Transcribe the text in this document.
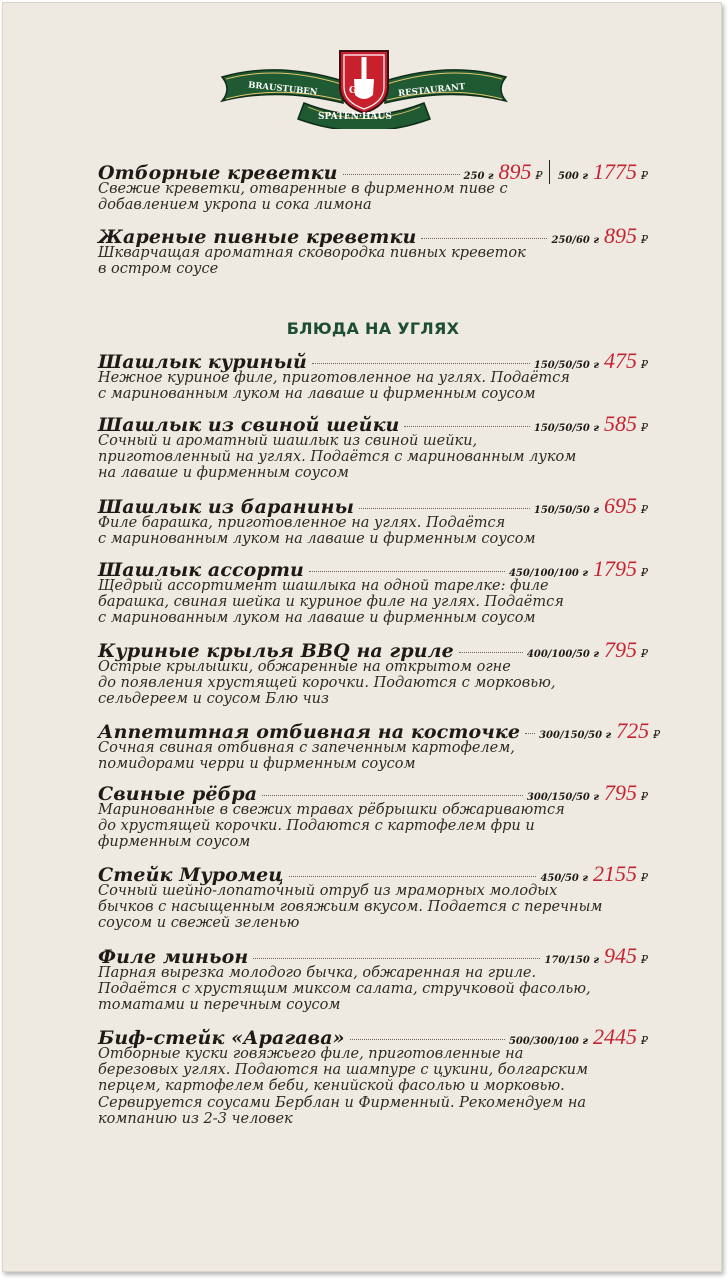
GS
BRAUSTUBEN	RESTAURANT
SPATEN·HAUS
Отборные креветки	250 г 895 ₽ 500 г 1775 ₽
Свежие креветки, отваренные в фирменном пиве с
добавлением укропа и сока лимона
Жареные пивные креветки	250/60 г 895 ₽
Шкварчащая ароматная сковородка пивных креветок
в остром соусе
БЛЮДА НА УГЛЯХ
Шашлык куриный	150/50/50 г 475 ₽
Нежное куриное филе, приготовленное на углях. Подаётся
с маринованным луком на лаваше и фирменным соусом
Шашлык из свиной шейки	150/50/50 г 585 ₽
Сочный и ароматный шашлык из свиной шейки,
приготовленный на углях. Подаётся с маринованным луком
на лаваше и фирменным соусом
Шашлык из баранины	150/50/50 г 695 ₽
Филе барашка, приготовленное на углях. Подаётся
с маринованным луком на лаваше и фирменным соусом
Шашлык ассорти	450/100/100 г 1795 ₽
Щедрый ассортимент шашлыка на одной тарелке: филе
барашка, свиная шейка и куриное филе на углях. Подаётся
с маринованным луком на лаваше и фирменным соусом
Куриные крылья BBQ на гриле	400/100/50 г 795 ₽
Острые крылышки, обжаренные на открытом огне
до появления хрустящей корочки. Подаются с морковью,
сельдереем и соусом Блю чиз
Аппетитная отбивная на косточке 300/150/50 г 725 ₽
Сочная свиная отбивная с запеченным картофелем,
помидорами черри и фирменным соусом
Свиные рёбра	300/150/50 г 795 ₽
Маринованные в свежих травах рёбрышки обжариваются
до хрустящей корочки. Подаются с картофелем фри и
фирменным соусом
Стейк Муромец	450/50 г 2155 ₽
Сочный шейно-лопаточный отруб из мраморных молодых
бычков с насыщенным говяжьим вкусом. Подается с перечным
соусом и свежей зеленью
Филе миньон	170/150 г 945 ₽
Парная вырезка молодого бычка, обжаренная на гриле.
Подаётся с хрустящим миксом салата, стручковой фасолью,
томатами и перечным соусом
Биф-стейк «Арагава»	500/300/100 г 2445 ₽
Отборные куски говяжьего филе, приготовленные на
березовых углях. Подаются на шампуре с цукини, болгарским
перцем, картофелем беби, кенийской фасолью и морковью.
Сервируется соусами Берблан и Фирменный. Рекомендуем на
компанию из 2-3 человек
